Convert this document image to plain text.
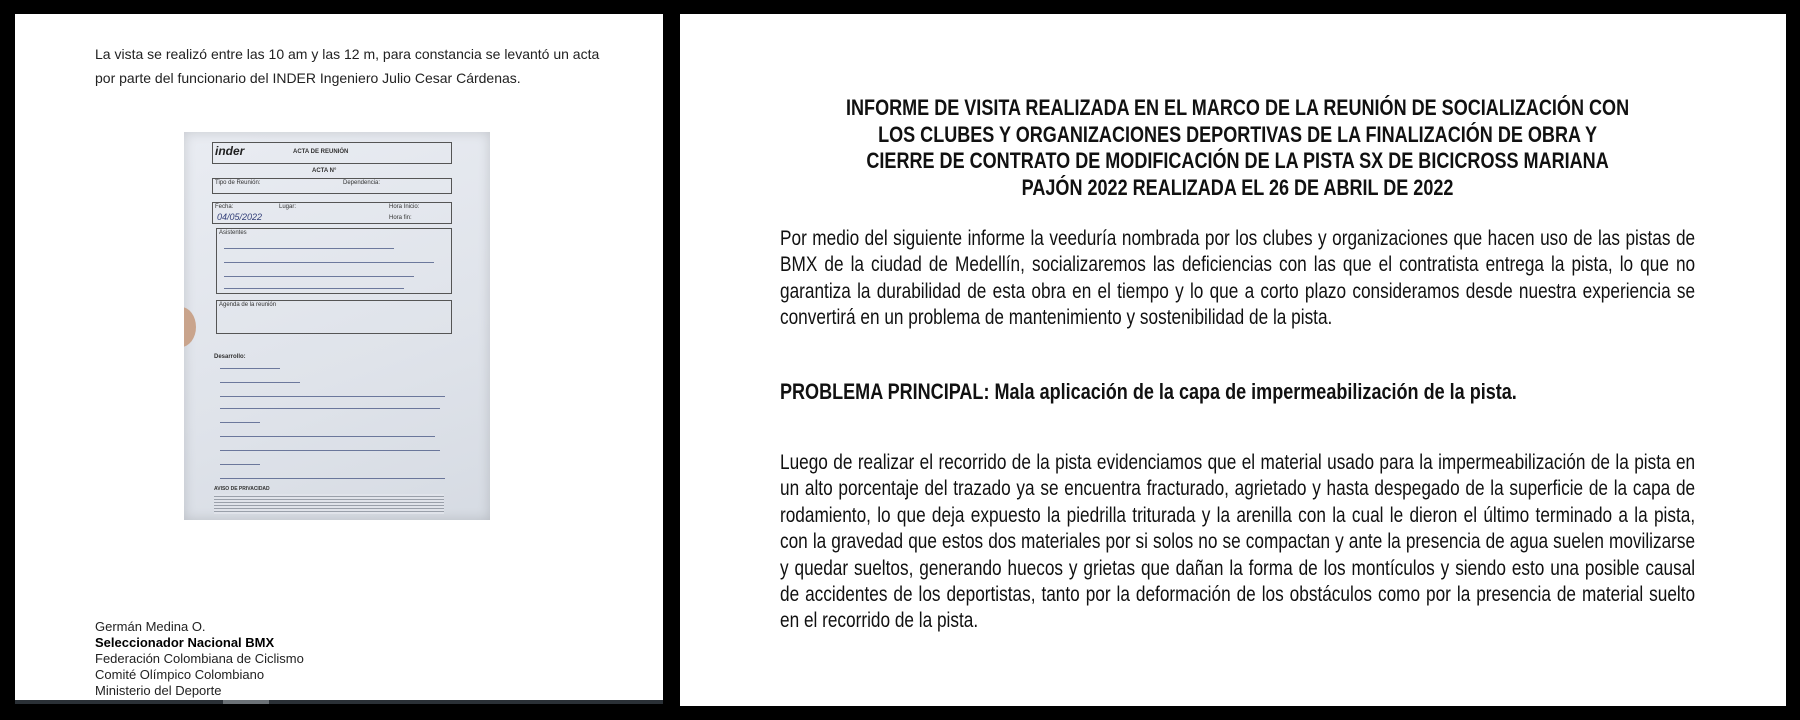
La vista se realizó entre las 10 am y las 12 m, para constancia se levantó un acta por parte del funcionario del INDER Ingeniero Julio Cesar Cárdenas.

inder	ACTA DE REUNIÓN
ACTA N°
Tipo de Reunión:	Dependencia:
Fecha:
04/05/2022
Lugar:	Hora Inicio:
Hora fin:
Asistentes
Agenda de la reunión
Desarrollo:
AVISO DE PRIVACIDAD
Germán Medina O.
Seleccionador Nacional BMX
Federación Colombiana de Ciclismo
Comité Olímpico Colombiano
Ministerio del Deporte
INFORME DE VISITA REALIZADA EN EL MARCO DE LA REUNIÓN DE SOCIALIZACIÓN CON LOS CLUBES Y ORGANIZACIONES DEPORTIVAS DE LA FINALIZACIÓN DE OBRA Y CIERRE DE CONTRATO DE MODIFICACIÓN DE LA PISTA SX DE BICICROSS MARIANA PAJÓN 2022 REALIZADA EL 26 DE ABRIL DE 2022

Por medio del siguiente informe la veeduría nombrada por los clubes y organizaciones que hacen uso de las pistas de BMX de la ciudad de Medellín, socializaremos las deficiencias con las que el contratista entrega la pista, lo que no garantiza la durabilidad de esta obra en el tiempo y lo que a corto plazo consideramos desde nuestra experiencia se convertirá en un problema de mantenimiento y sostenibilidad de la pista.

PROBLEMA PRINCIPAL: Mala aplicación de la capa de impermeabilización de la pista.

Luego de realizar el recorrido de la pista evidenciamos que el material usado para la impermeabilización de la pista en un alto porcentaje del trazado ya se encuentra fracturado, agrietado y hasta despegado de la superficie de la capa de rodamiento, lo que deja expuesto la piedrilla triturada y la arenilla con la cual le dieron el último terminado a la pista, con la gravedad que estos dos materiales por si solos no se compactan y ante la presencia de agua suelen movilizarse y quedar sueltos, generando huecos y grietas que dañan la forma de los montículos y siendo esto una posible causal de accidentes de los deportistas, tanto por la deformación de los obstáculos como por la presencia de material suelto en el recorrido de la pista.
